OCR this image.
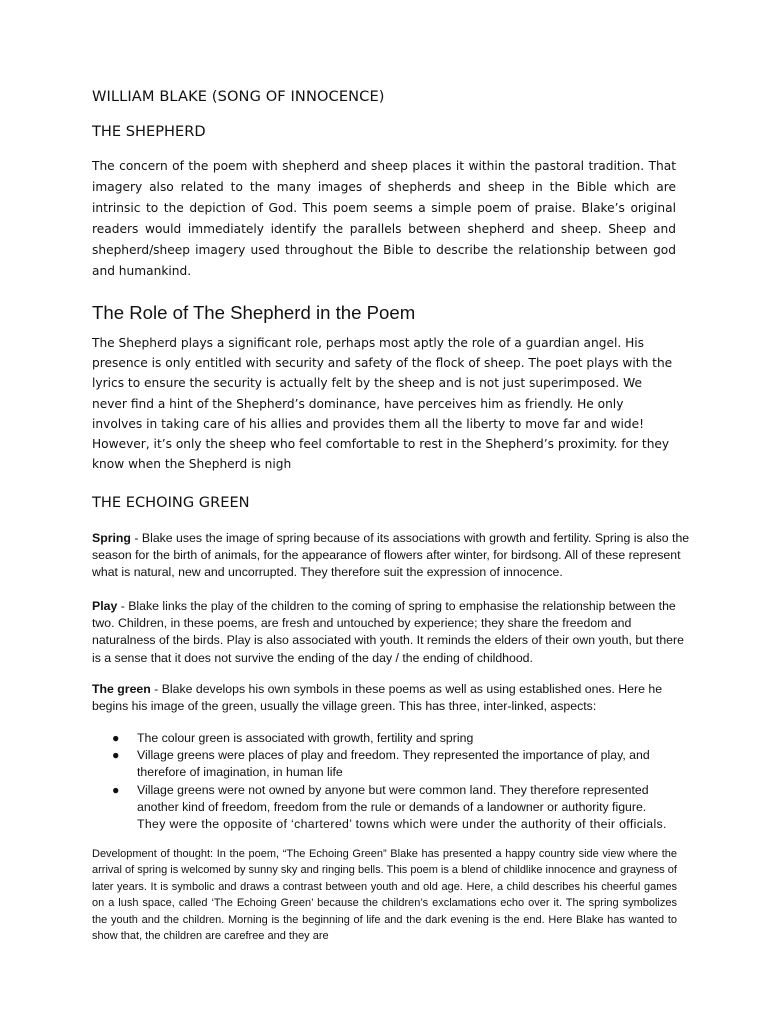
WILLIAM BLAKE (SONG OF INNOCENCE)
THE SHEPHERD

The concern of the poem with shepherd and sheep places it within the pastoral tradition. That imagery also related to the many images of shepherds and sheep in the Bible which are intrinsic to the depiction of God. This poem seems a simple poem of praise. Blake’s original readers would immediately identify the parallels between shepherd and sheep. Sheep and shepherd/sheep imagery used throughout the Bible to describe the relationship between god and humankind.

The Role of The Shepherd in the Poem

The Shepherd plays a significant role, perhaps most aptly the role of a guardian angel. His presence is only entitled with security and safety of the flock of sheep. The poet plays with the lyrics to ensure the security is actually felt by the sheep and is not just superimposed. We never find a hint of the Shepherd’s dominance, have perceives him as friendly. He only involves in taking care of his allies and provides them all the liberty to move far and wide! However, it’s only the sheep who feel comfortable to rest in the Shepherd’s proximity. for they know when the Shepherd is nigh

THE ECHOING GREEN

Spring - Blake uses the image of spring because of its associations with growth and fertility. Spring is also the season for the birth of animals, for the appearance of flowers after winter, for birdsong. All of these represent what is natural, new and uncorrupted. They therefore suit the expression of innocence.

Play - Blake links the play of the children to the coming of spring to emphasise the relationship between the two. Children, in these poems, are fresh and untouched by experience; they share the freedom and naturalness of the birds. Play is also associated with youth. It reminds the elders of their own youth, but there is a sense that it does not survive the ending of the day / the ending of childhood.

The green - Blake develops his own symbols in these poems as well as using established ones. Here he begins his image of the green, usually the village green. This has three, inter-linked, aspects:

● The colour green is associated with growth, fertility and spring
● Village greens were places of play and freedom. They represented the importance of play, and therefore of imagination, in human life
● Village greens were not owned by anyone but were common land. They therefore represented another kind of freedom, freedom from the rule or demands of a landowner or authority figure.
They were the opposite of ‘chartered’ towns which were under the authority of their officials.

Development of thought: In the poem, “The Echoing Green” Blake has presented a happy country side view where the arrival of spring is welcomed by sunny sky and ringing bells. This poem is a blend of childlike innocence and grayness of later years. It is symbolic and draws a contrast between youth and old age. Here, a child describes his cheerful games on a lush space, called ‘The Echoing Green’ because the children’s exclamations echo over it. The spring symbolizes the youth and the children. Morning is the beginning of life and the dark evening is the end. Here Blake has wanted to show that, the children are carefree and they are
